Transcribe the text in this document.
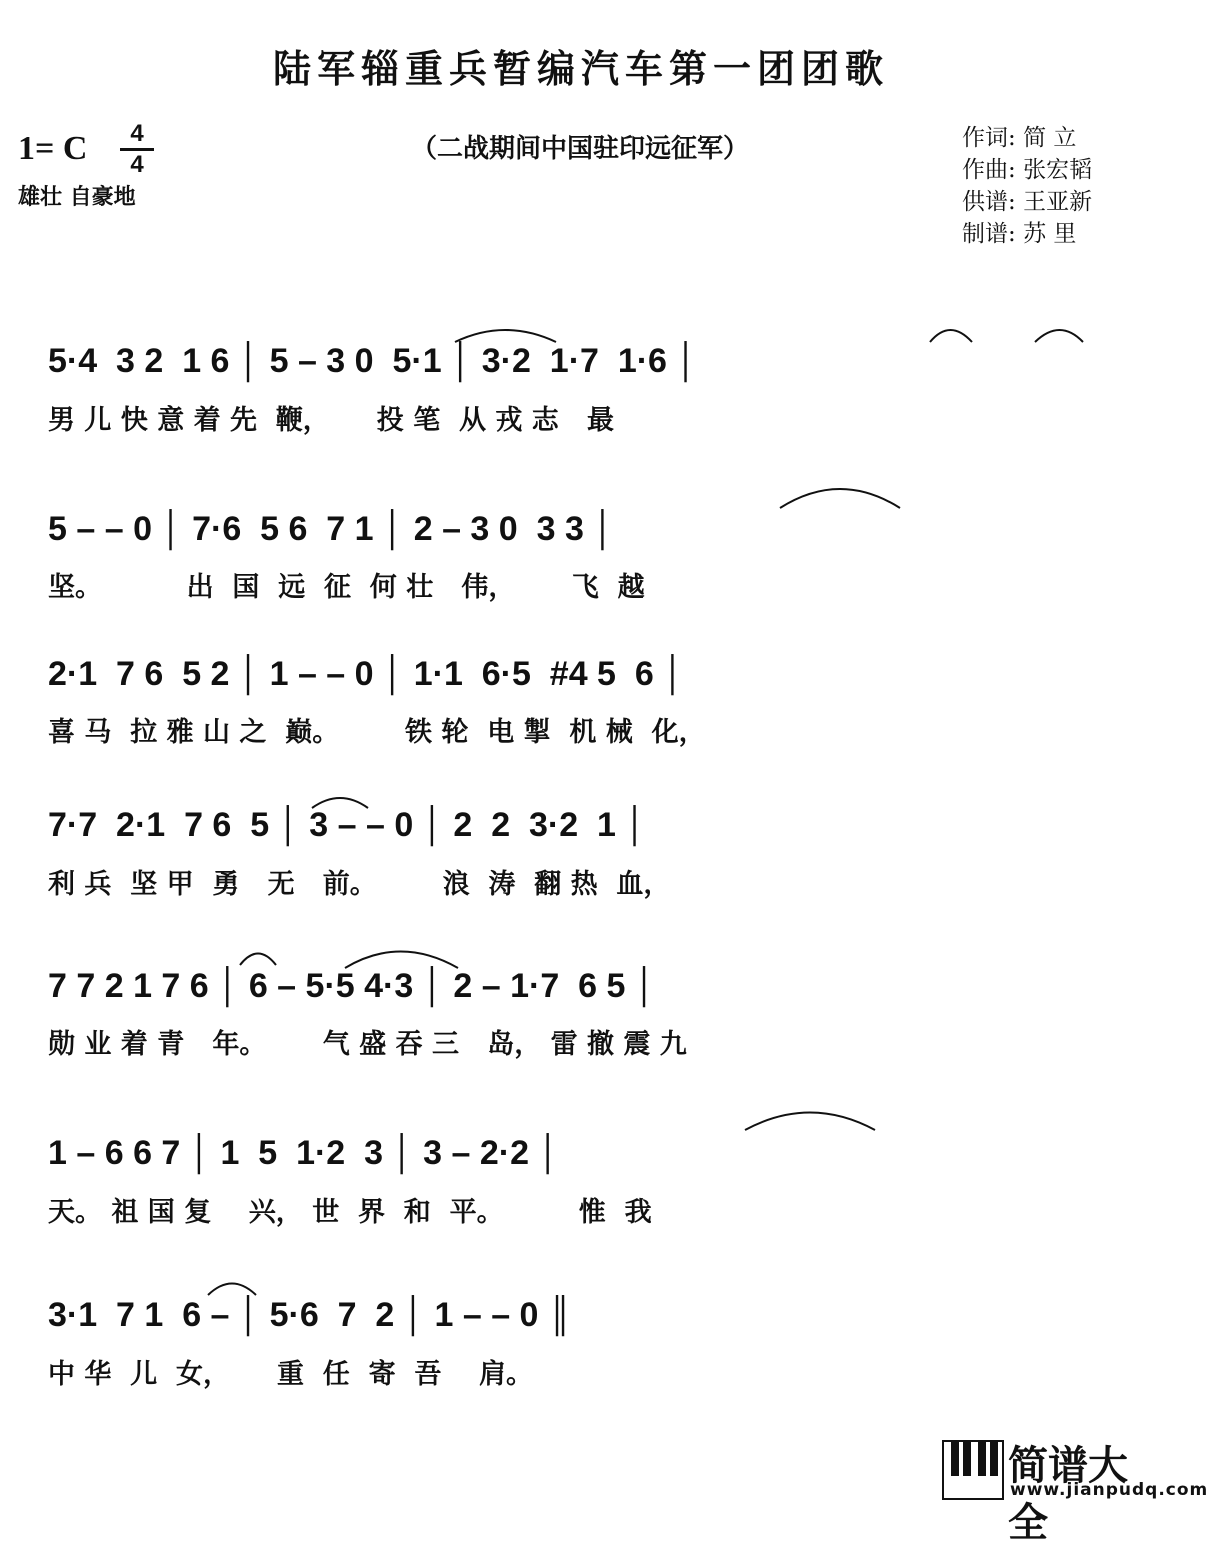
陆军辎重兵暂编汽车第一团团歌
1= C	4
4
雄壮 自豪地
（二战期间中国驻印远征军）	作词: 简 立
作曲: 张宏韬
供谱: 王亚新
制谱: 苏 里
5·4  3 2  1 6 │ 5 – 3 0  5·1 │ 3·2  1·7  1·6 │
男 儿 快 意 着 先  鞭，     投 笔  从 戎 志   最
5 – – 0 │ 7·6  5 6  7 1 │ 2 – 3 0  3 3 │
坚。         出  国  远  征  何 壮   伟，      飞  越
2·1  7 6  5 2 │ 1 – – 0 │ 1·1  6·5  #4 5  6 │
喜 马  拉 雅 山 之  巅。       铁 轮  电 掣  机 械  化，
7·7  2·1  7 6  5 │ 3 – – 0 │ 2  2  3·2  1 │
利 兵  坚 甲  勇   无   前。       浪  涛  翻 热  血，
7 7 2 1 7 6 │ 6 – 5·5 4·3 │ 2 – 1·7  6 5 │
勋 业 着 青   年。      气 盛 吞 三   岛， 雷 撤 震 九
1 – 6 6 7 │ 1  5  1·2  3 │ 3 – 2·2 │
天。 祖 国 复    兴， 世  界  和  平。        惟  我
3·1  7 1  6 – │ 5·6  7  2 │ 1 – – 0 ║
中 华  儿  女，     重  任  寄  吾    肩。
简谱大全
www.jianpudq.com
